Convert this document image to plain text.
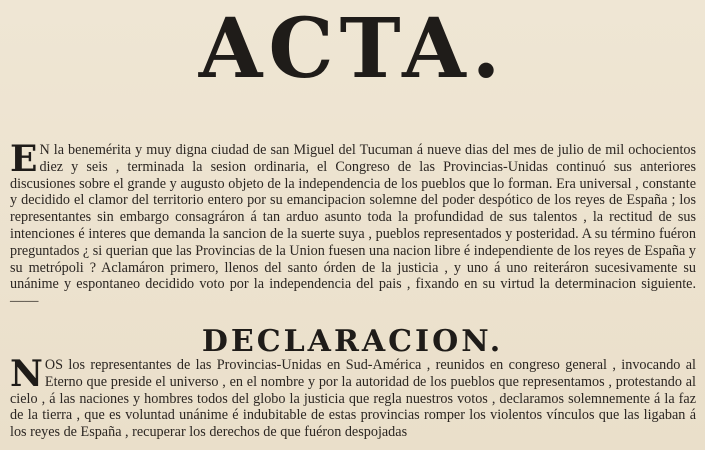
ACTA.
E N la benemérita y muy digna ciudad de san Miguel del Tucuman á nueve dias del mes de julio de mil ochocientos diez y seis , terminada la sesion ordinaria, el Congreso de las Provincias-Unidas continuó sus anteriores discusiones sobre el grande y augusto objeto de la independencia de los pueblos que lo forman. Era universal , constante y decidido el clamor del territorio entero por su emancipacion solemne del poder despótico de los reyes de España ; los representantes sin embargo consagráron á tan arduo asunto toda la profundidad de sus talentos , la rectitud de sus intenciones é interes que demanda la sancion de la suerte suya , pueblos representados y posteridad. A su término fuéron preguntados ¿ si querian que las Provincias de la Union fuesen una nacion libre é independiente de los reyes de España y su metrópoli ? Aclamáron primero, llenos del santo órden de la justicia , y uno á uno reiteráron sucesivamente su unánime y espontaneo decidido voto por la independencia del pais , fixando en su virtud la determinacion siguiente. ——
DECLARACION.
NOS los representantes de las Provincias-Unidas en Sud-América , reunidos en congreso general , invocando al Eterno que preside el universo , en el nombre y por la autoridad de los pueblos que representamos , protestando al cielo , á las naciones y hombres todos del globo la justicia que regla nuestros votos , declaramos solemnemente á la faz de la tierra , que es voluntad unánime é indubitable de estas provincias romper los violentos vínculos que las ligaban á los reyes de España , recuperar los derechos de que fuéron despojadas
